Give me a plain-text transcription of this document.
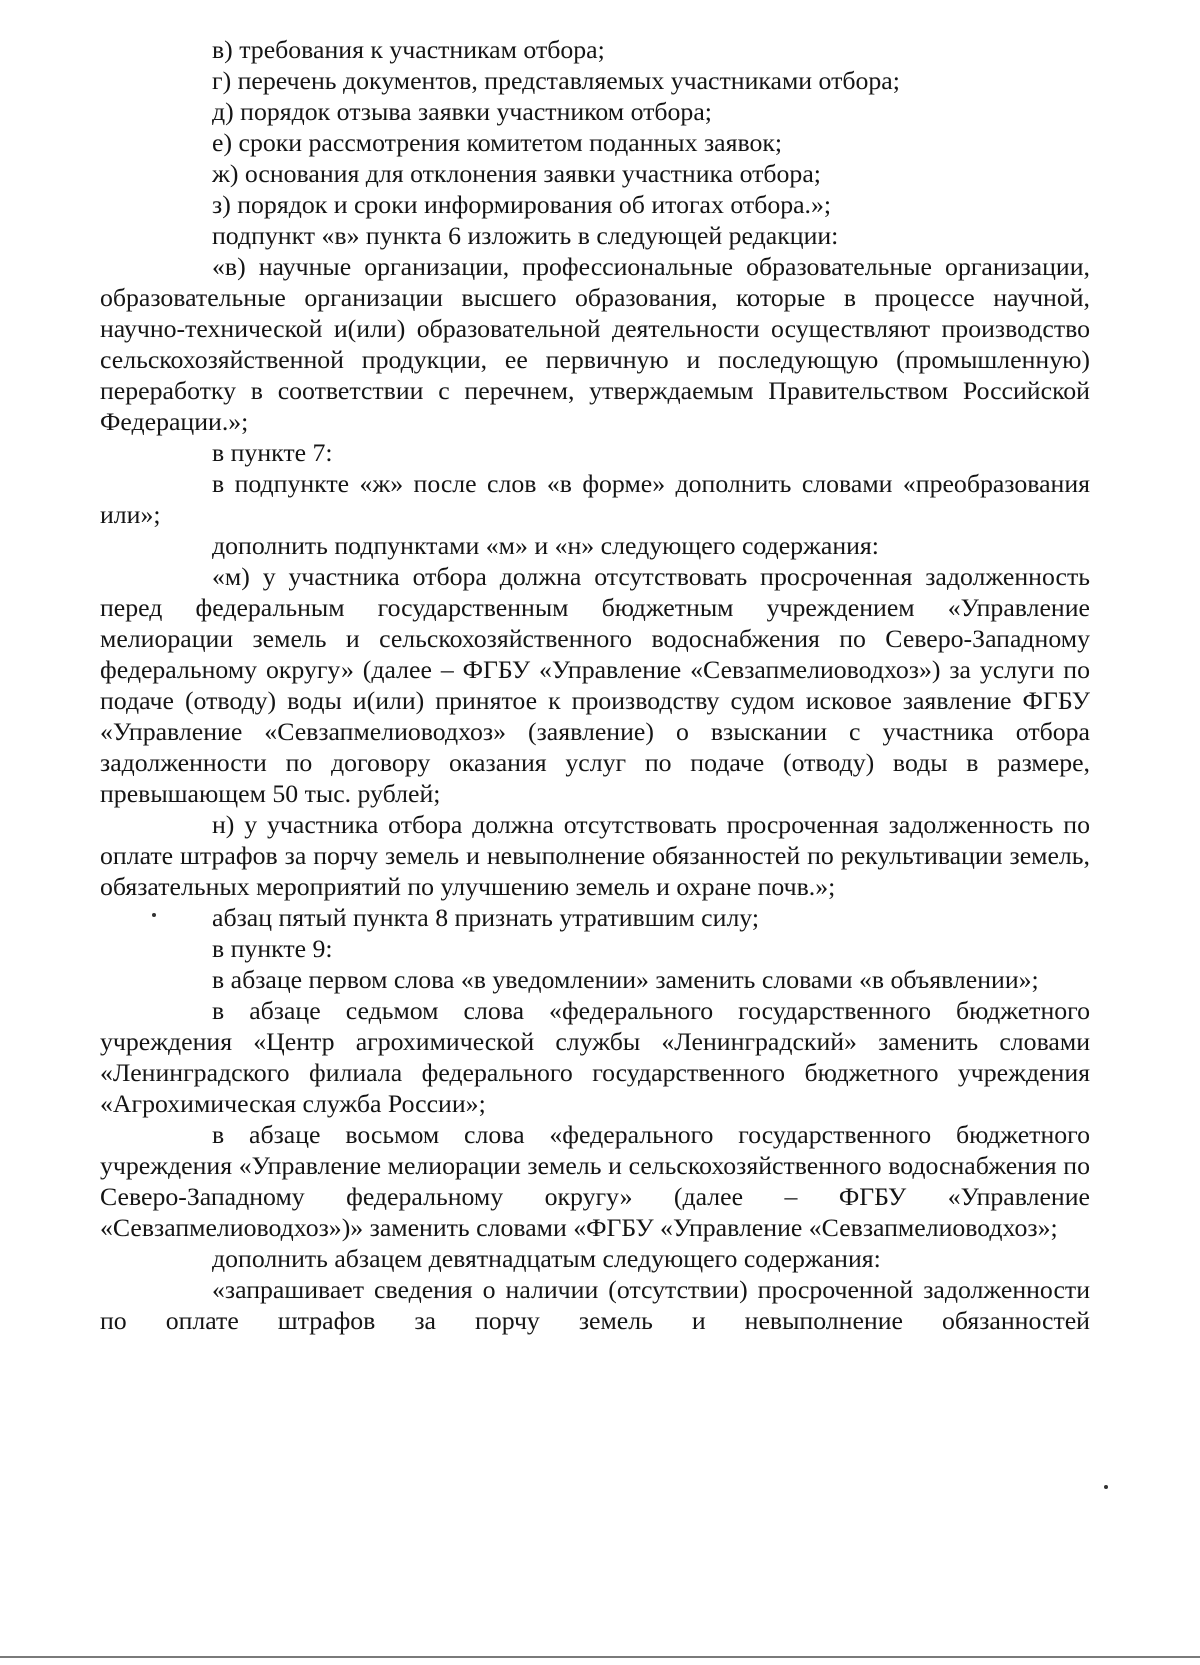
в) требования к участникам отбора;

г) перечень документов, представляемых участниками отбора;

д) порядок отзыва заявки участником отбора;

е) сроки рассмотрения комитетом поданных заявок;

ж) основания для отклонения заявки участника отбора;

з) порядок и сроки информирования об итогах отбора.»;

подпункт «в» пункта 6 изложить в следующей редакции:

«в) научные организации, профессиональные образовательные организации, образовательные организации высшего образования, которые в процессе научной, научно-технической и(или) образовательной деятельности осуществляют производство сельскохозяйственной продукции, ее первичную и последующую (промышленную) переработку в соответствии с перечнем, утверждаемым Правительством Российской Федерации.»;

в пункте 7:

в подпункте «ж» после слов «в форме» дополнить словами «преобразования или»;

дополнить подпунктами «м» и «н» следующего содержания:

«м) у участника отбора должна отсутствовать просроченная задолженность перед федеральным государственным бюджетным учреждением «Управление мелиорации земель и сельскохозяйственного водоснабжения по Северо-Западному федеральному округу» (далее – ФГБУ «Управление «Севзапмелиоводхоз») за услуги по подаче (отводу) воды и(или) принятое к производству судом исковое заявление ФГБУ «Управление «Севзапмелиоводхоз» (заявление) о взыскании с участника отбора задолженности по договору оказания услуг по подаче (отводу) воды в размере, превышающем 50 тыс. рублей;

н) у участника отбора должна отсутствовать просроченная задолженность по оплате штрафов за порчу земель и невыполнение обязанностей по рекультивации земель, обязательных мероприятий по улучшению земель и охране почв.»;

абзац пятый пункта 8 признать утратившим силу;

в пункте 9:

в абзаце первом слова «в уведомлении» заменить словами «в объявлении»;

в абзаце седьмом слова «федерального государственного бюджетного учреждения «Центр агрохимической службы «Ленинградский» заменить словами «Ленинградского филиала федерального государственного бюджетного учреждения «Агрохимическая служба России»;

в абзаце восьмом слова «федерального государственного бюджетного учреждения «Управление мелиорации земель и сельскохозяйственного водоснабжения по Северо-Западному федеральному округу» (далее – ФГБУ «Управление «Севзапмелиоводхоз»)» заменить словами «ФГБУ «Управление «Севзапмелиоводхоз»;

дополнить абзацем девятнадцатым следующего содержания:

«запрашивает сведения о наличии (отсутствии) просроченной задолженности по оплате штрафов за порчу земель и невыполнение обязанностей
